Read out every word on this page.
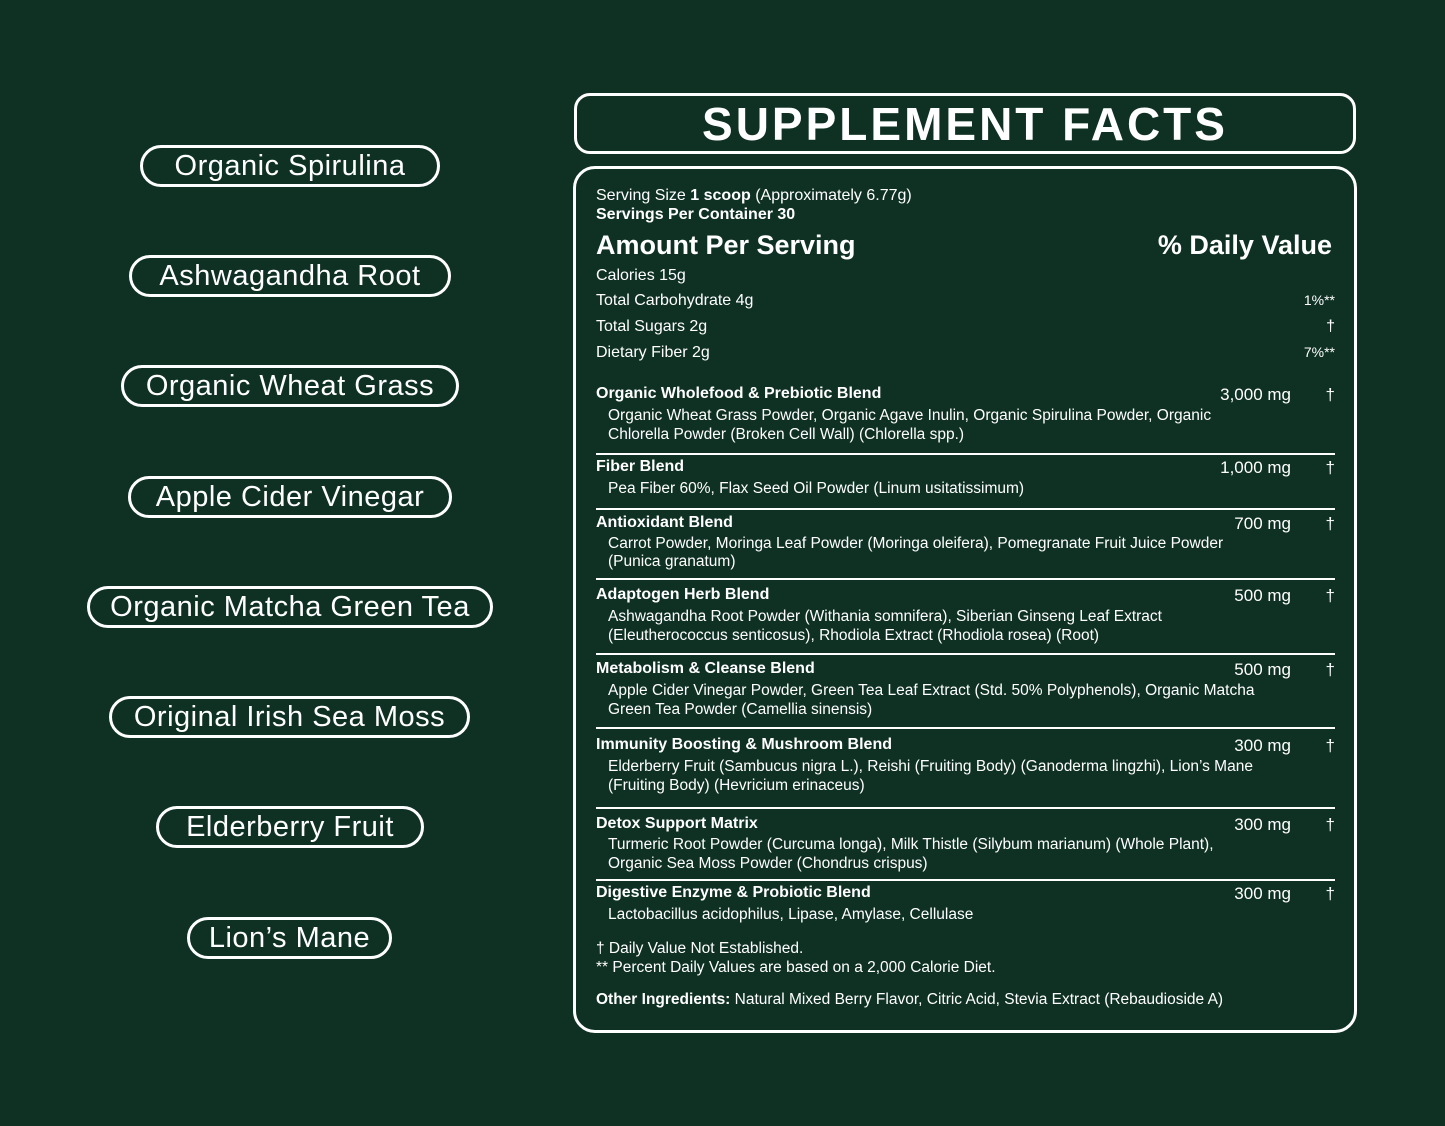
Organic Spirulina
Ashwagandha Root
Organic Wheat Grass
Apple Cider Vinegar
Organic Matcha Green Tea
Original Irish Sea Moss
Elderberry Fruit
Lion’s Mane
SUPPLEMENT FACTS
Serving Size 1 scoop (Approximately 6.77g)
Servings Per Container 30
Amount Per Serving	% Daily Value
Calories 15g
Total Carbohydrate 4g	1%**
Total Sugars 2g	†
Dietary Fiber 2g	7%**
Organic Wholefood & Prebiotic Blend	3,000 mg †
Organic Wheat Grass Powder, Organic Agave Inulin, Organic Spirulina Powder, Organic
Chlorella Powder (Broken Cell Wall) (Chlorella spp.)
Fiber Blend	1,000 mg †
Pea Fiber 60%, Flax Seed Oil Powder (Linum usitatissimum)
Antioxidant Blend	700 mg †
Carrot Powder, Moringa Leaf Powder (Moringa oleifera), Pomegranate Fruit Juice Powder
(Punica granatum)
Adaptogen Herb Blend	500 mg †
Ashwagandha Root Powder (Withania somnifera), Siberian Ginseng Leaf Extract
(Eleutherococcus senticosus), Rhodiola Extract (Rhodiola rosea) (Root)
Metabolism & Cleanse Blend	500 mg †
Apple Cider Vinegar Powder, Green Tea Leaf Extract (Std. 50% Polyphenols), Organic Matcha
Green Tea Powder (Camellia sinensis)
Immunity Boosting & Mushroom Blend	300 mg †
Elderberry Fruit (Sambucus nigra L.), Reishi (Fruiting Body) (Ganoderma lingzhi), Lion’s Mane
(Fruiting Body) (Hevricium erinaceus)
Detox Support Matrix	300 mg †
Turmeric Root Powder (Curcuma longa), Milk Thistle (Silybum marianum) (Whole Plant),
Organic Sea Moss Powder (Chondrus crispus)
Digestive Enzyme & Probiotic Blend	300 mg †
Lactobacillus acidophilus, Lipase, Amylase, Cellulase
† Daily Value Not Established.
** Percent Daily Values are based on a 2,000 Calorie Diet.
Other Ingredients: Natural Mixed Berry Flavor, Citric Acid, Stevia Extract (Rebaudioside A)
